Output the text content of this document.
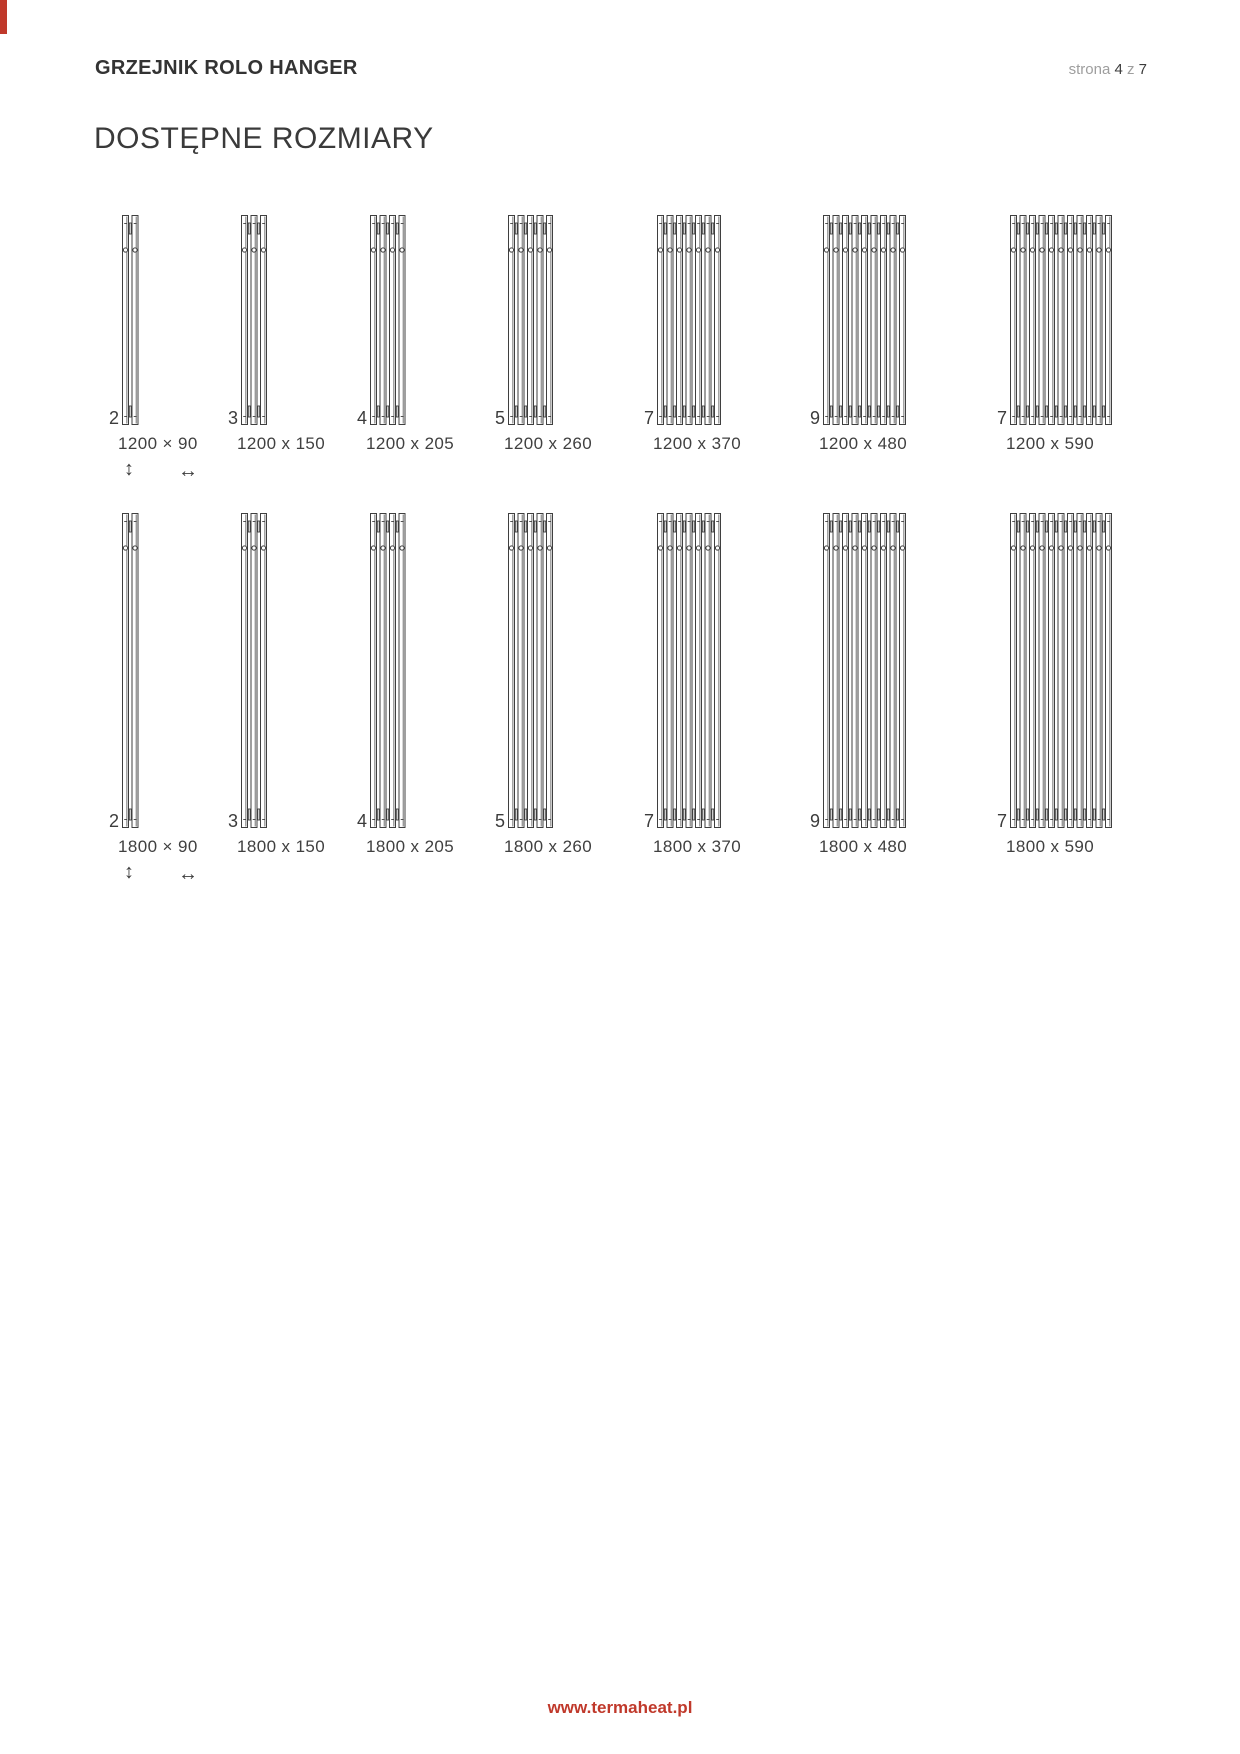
GRZEJNIK ROLO HANGER	strona 4 z 7
DOSTĘPNE ROZMIARY
2
1200 × 90
↕ ↔
3
1200 x 150
4
1200 x 205
5
1200 x 260
7
1200 x 370
9
1200 x 480
7
1200 x 590
2
1800 × 90
↕ ↔
3
1800 x 150
4
1800 x 205
5
1800 x 260
7
1800 x 370
9
1800 x 480
7
1800 x 590
www.termaheat.pl
